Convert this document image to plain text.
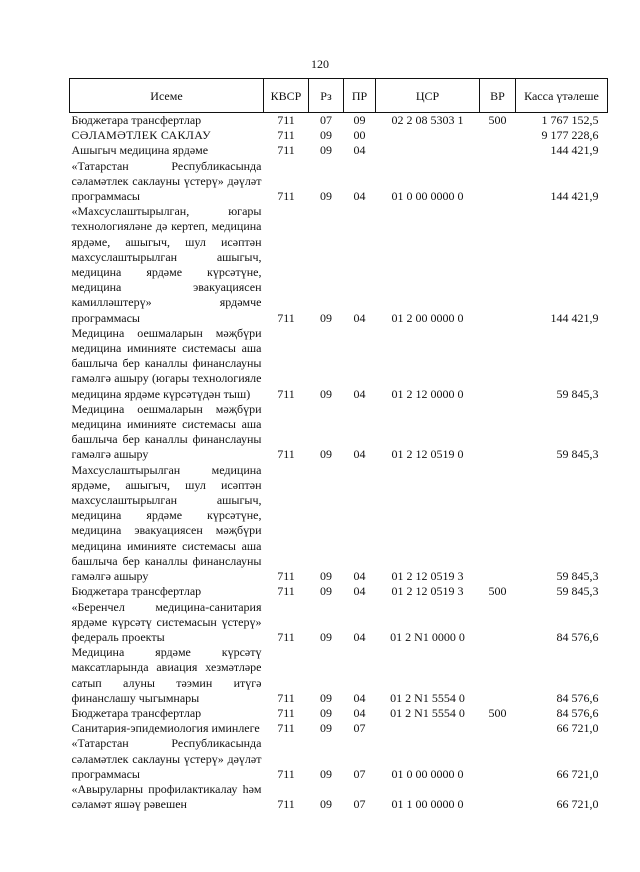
120
Исеме	КВСР	Рз	ПР	ЦСР	ВР	Касса үтәлеше
Бюджетара трансфертлар	711	07	09	02 2 08 5303 1	500	1 767 152,5
СӘЛАМӘТЛЕК САКЛАУ	711	09	00			9 177 228,6
Ашыгыч медицина ярдәме	711	09	04			144 421,9
«Татарстан Республикасында сәламәтлек саклауны үстерү» дәүләт программасы	711	09	04	01 0 00 0000 0		144 421,9
«Махсуслаштырылган, югары технологияләне дә кертеп, медицина ярдәме, ашыгыч, шул исәптән махсуслаштырылган ашыгыч, медицина ярдәме күрсәтүне, медицина эвакуациясен камилләштерү» ярдәмче программасы	711	09	04	01 2 00 0000 0		144 421,9
Медицина оешмаларын мәҗбүри медицина иминияте системасы аша башлыча бер каналлы финанслауны гамәлгә ашыру (югары технологияле медицина ярдәме күрсәтүдән тыш)	711	09	04	01 2 12 0000 0		59 845,3
Медицина оешмаларын мәҗбүри медицина иминияте системасы аша башлыча бер каналлы финанслауны гамәлгә ашыру	711	09	04	01 2 12 0519 0		59 845,3
Махсуслаштырылган медицина ярдәме, ашыгыч, шул исәптән махсуслаштырылган ашыгыч, медицина ярдәме күрсәтүне, медицина эвакуациясен мәҗбүри медицина иминияте системасы аша башлыча бер каналлы финанслауны гамәлгә ашыру	711	09	04	01 2 12 0519 3		59 845,3
Бюджетара трансфертлар	711	09	04	01 2 12 0519 3	500	59 845,3
«Беренчел медицина-санитария ярдәме күрсәтү системасын үстерү» федераль проекты	711	09	04	01 2 N1 0000 0		84 576,6
Медицина ярдәме күрсәтү максатларында авиация хезмәтләре сатып алуны тәэмин итүгә финанслашу чыгымнары	711	09	04	01 2 N1 5554 0		84 576,6
Бюджетара трансфертлар	711	09	04	01 2 N1 5554 0	500	84 576,6
Санитария-эпидемиология иминлеге	711	09	07			66 721,0
«Татарстан Республикасында сәламәтлек саклауны үстерү» дәүләт программасы	711	09	07	01 0 00 0000 0		66 721,0
«Авыруларны профилактикалау һәм сәламәт яшәү рәвешен	711	09	07	01 1 00 0000 0		66 721,0
